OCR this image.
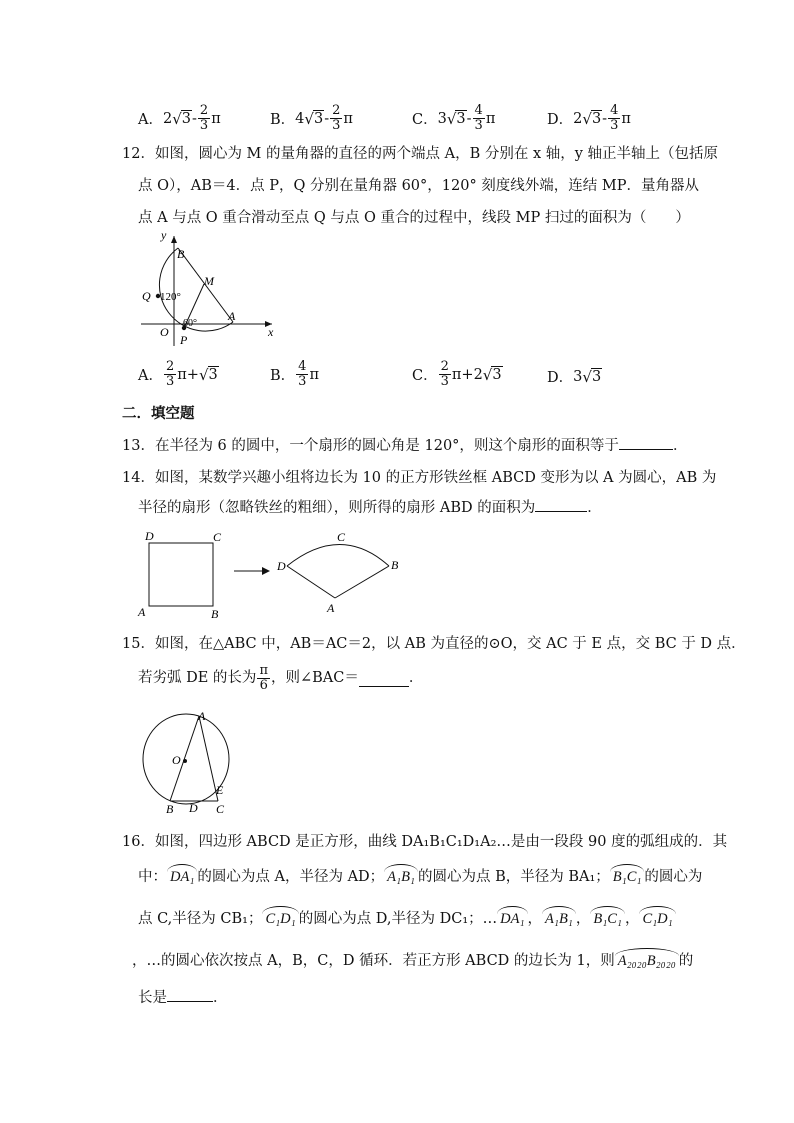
A． 2 √ $3 - \frac{2}{3}$ π	B． 4 √ $3 - \frac{2}{3}$ π	C． 3 √ $3 - \frac{4}{3}$ π	D． 2 √ $3 - \frac{4}{3}$ π
12．如图，圆心为 M 的量角器的直径的两个端点 A，B 分别在 x 轴，y 轴正半轴上（包括原
点 O），AB＝4．点 P，Q 分别在量角器 60°，120° 刻度线外端，连结 MP．量角器从
点 A 与点 O 重合滑动至点 Q 与点 O 重合的过程中，线段 MP 扫过的面积为（　　）
y
B
M
Q 120°
O
60°
A
x
P
A． $\frac{2}{3} \pi+$ √ 3	B． $\frac{4}{3}$ π	C． $\frac{2}{3} \pi+2$ √ 3	D． 3 √ 3
二．填空题
13．在半径为 6 的圆中，一个扇形的圆心角是 120°，则这个扇形的面积等于	．
14．如图，某数学兴趣小组将边长为 10 的正方形铁丝框 ABCD 变形为以 A 为圆心，AB 为
半径的扇形（忽略铁丝的粗细），则所得的扇形 ABD 的面积为	．
D	C
A	B
D
C
B
A
15．如图，在△ABC 中，AB＝AC＝2，以 AB 为直径的⊙O，交 AC 于 E 点，交 BC 于 D 点．
若劣弧 DE 的长为 $\frac{\pi}{6}$ ，则∠BAC＝	．
A
O
E
B D C
16．如图，四边形 ABCD 是正方形，曲线 DA₁B₁C₁D₁A₂…是由一段段 90 度的弧组成的．其
中： DA₁ 的圆心为点 A，半径为 AD； A₁B₁ 的圆心为点 B，半径为 BA₁； B₁C₁ 的圆心为
点 C,半径为 CB₁； C₁D₁ 的圆心为点 D,半径为 DC₁；… DA₁ ， A₁B₁ ， B₁C₁ ， C₁D₁
，…的圆心依次按点 A，B，C，D 循环．若正方形 ABCD 的边长为 1，则 A₂₀₂₀B₂₀₂₀ 的
长是	．
